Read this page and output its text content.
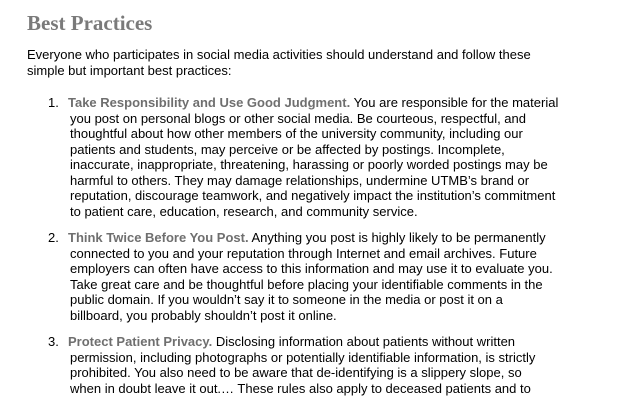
Best Practices

Everyone who participates in social media activities should understand and follow these
simple but important best practices:

1. Take Responsibility and Use Good Judgment. You are responsible for the material
you post on personal blogs or other social media. Be courteous, respectful, and
thoughtful about how other members of the university community, including our
patients and students, may perceive or be affected by postings. Incomplete,
inaccurate, inappropriate, threatening, harassing or poorly worded postings may be
harmful to others. They may damage relationships, undermine UTMB’s brand or
reputation, discourage teamwork, and negatively impact the institution’s commitment
to patient care, education, research, and community service.
2. Think Twice Before You Post. Anything you post is highly likely to be permanently
connected to you and your reputation through Internet and email archives. Future
employers can often have access to this information and may use it to evaluate you.
Take great care and be thoughtful before placing your identifiable comments in the
public domain. If you wouldn’t say it to someone in the media or post it on a
billboard, you probably shouldn’t post it online.
3. Protect Patient Privacy. Disclosing information about patients without written
permission, including photographs or potentially identifiable information, is strictly
prohibited. You also need to be aware that de-identifying is a slippery slope, so
when in doubt leave it out.… These rules also apply to deceased patients and to
